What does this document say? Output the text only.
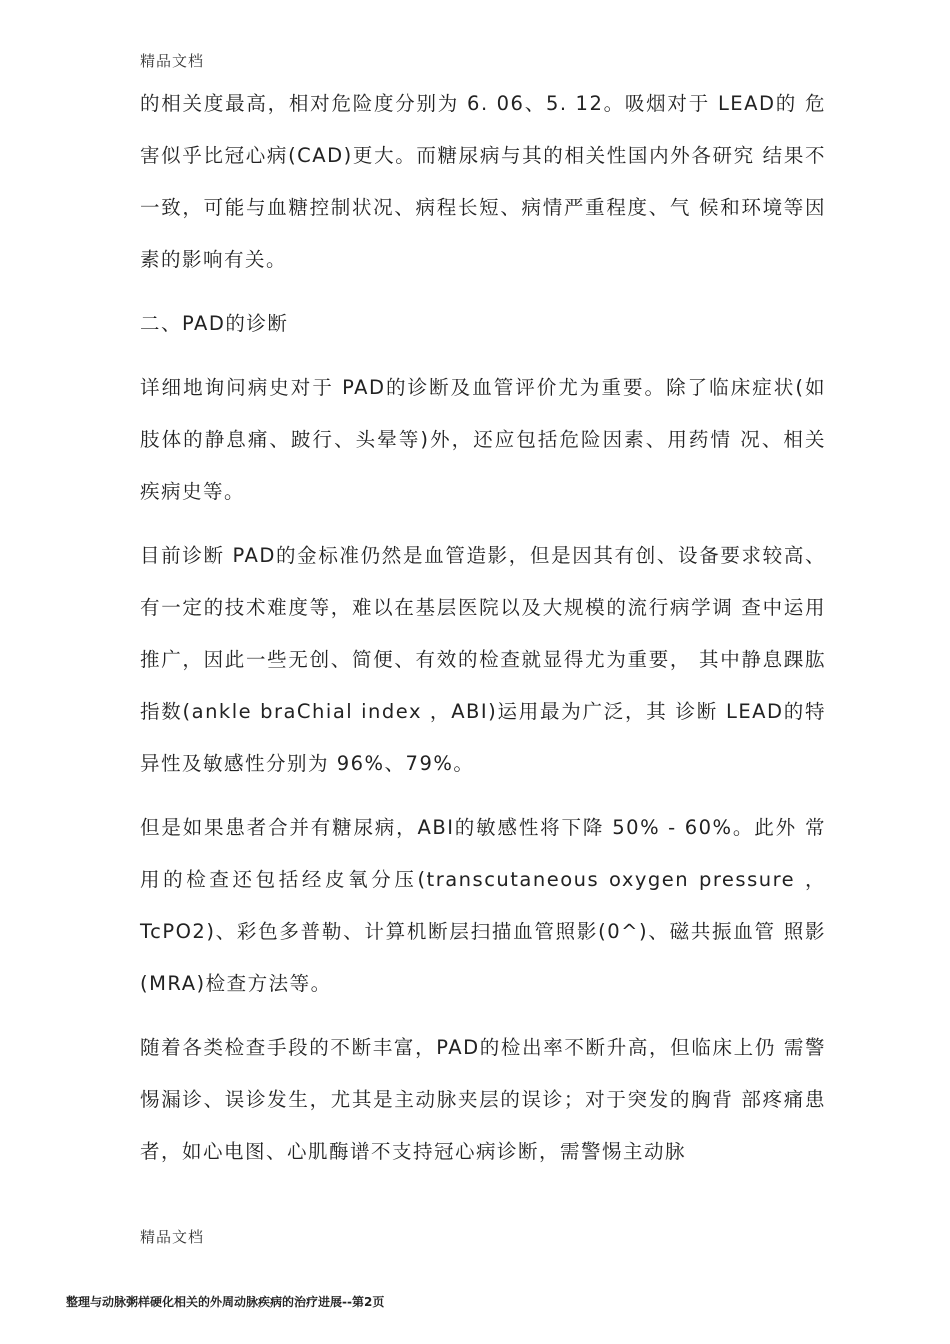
精品文档

的相关度最高，相对危险度分别为 6. 06、5. 12。吸烟对于 LEAD的 危害似乎比冠心病(CAD)更大。而糖尿病与其的相关性国内外各研究 结果不一致，可能与血糖控制状况、病程长短、病情严重程度、气 候和环境等因素的影响有关。

二、PAD的诊断

详细地询问病史对于 PAD的诊断及血管评价尤为重要。除了临床症状(如肢体的静息痛、跛行、头晕等)外，还应包括危险因素、用药情 况、相关疾病史等。

目前诊断 PAD的金标准仍然是血管造影，但是因其有创、设备要求较高、有一定的技术难度等，难以在基层医院以及大规模的流行病学调 查中运用推广，因此一些无创、简便、有效的检查就显得尤为重要， 其中静息踝肱指数(ankle braChial index ，ABI)运用最为广泛，其 诊断 LEAD的特异性及敏感性分别为 96%、79%。

但是如果患者合并有糖尿病，ABI的敏感性将下降 50% - 60%。此外 常用的检查还包括经皮氧分压(transcutaneous oxygen pressure ，TcPO2)、彩色多普勒、计算机断层扫描血管照影(0^)、磁共振血管 照影(MRA)检查方法等。

随着各类检查手段的不断丰富，PAD的检出率不断升高，但临床上仍 需警惕漏诊、误诊发生，尤其是主动脉夹层的误诊；对于突发的胸背 部疼痛患者，如心电图、心肌酶谱不支持冠心病诊断，需警惕主动脉

精品文档
整理与动脉粥样硬化相关的外周动脉疾病的治疗进展--第2页
